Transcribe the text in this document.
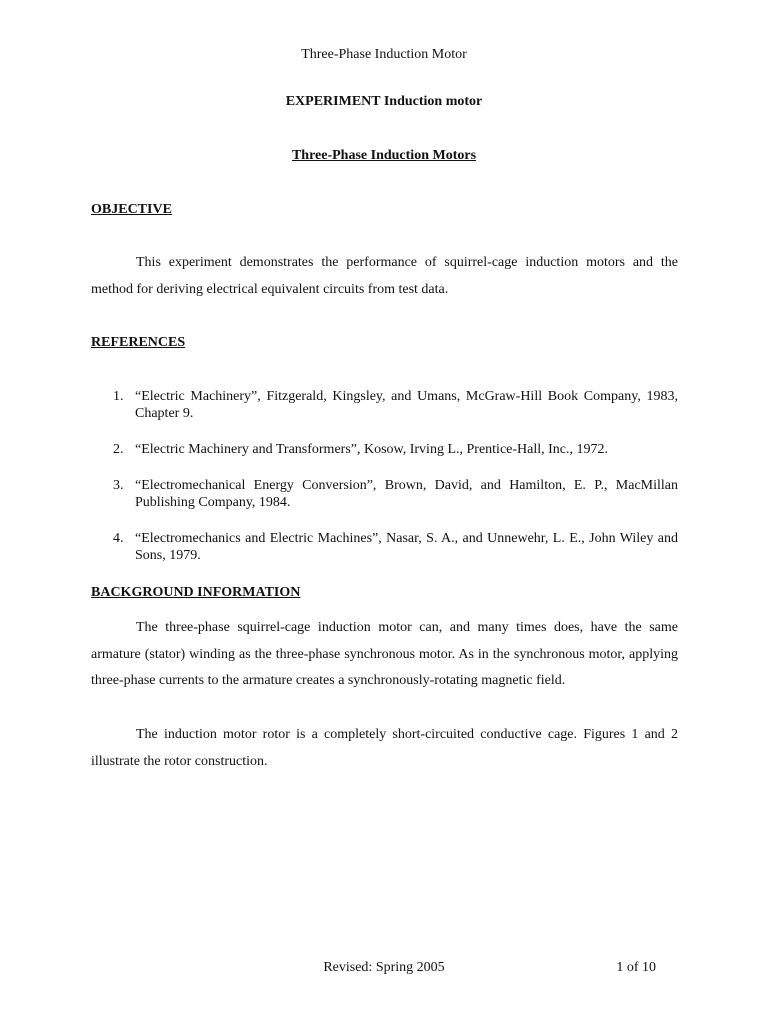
Three-Phase Induction Motor
EXPERIMENT Induction motor
Three-Phase Induction Motors
OBJECTIVE
This experiment demonstrates the performance of squirrel-cage induction motors and the method for deriving electrical equivalent circuits from test data.
REFERENCES
1. “Electric Machinery”, Fitzgerald, Kingsley, and Umans, McGraw-Hill Book Company, 1983, Chapter 9.
2. “Electric Machinery and Transformers”, Kosow, Irving L., Prentice-Hall, Inc., 1972.
3. “Electromechanical Energy Conversion”, Brown, David, and Hamilton, E. P., MacMillan Publishing Company, 1984.
4. “Electromechanics and Electric Machines”, Nasar, S. A., and Unnewehr, L. E., John Wiley and Sons, 1979.
BACKGROUND INFORMATION
The three-phase squirrel-cage induction motor can, and many times does, have the same armature (stator) winding as the three-phase synchronous motor. As in the synchronous motor, applying three-phase currents to the armature creates a synchronously-rotating magnetic field.
The induction motor rotor is a completely short-circuited conductive cage. Figures 1 and 2 illustrate the rotor construction.
Revised: Spring 2005	1 of 10
